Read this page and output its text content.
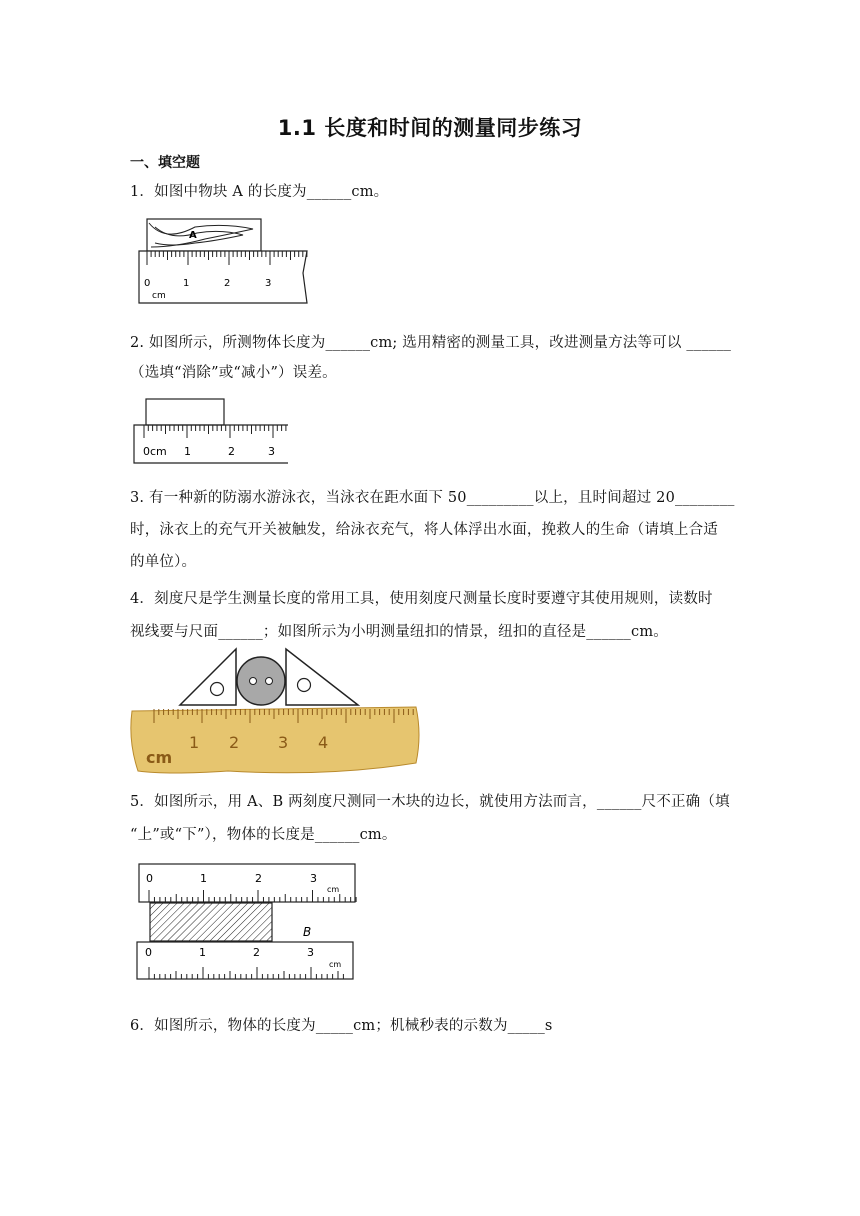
1.1 长度和时间的测量同步练习
一、填空题
1．如图中物块 A 的长度为______cm。
A
0	1	2	3
cm
2. 如图所示，所测物体长度为______cm; 选用精密的测量工具，改进测量方法等可以 ______
（选填“消除”或“减小”）误差。
0cm 1	2	3
3. 有一种新的防溺水游泳衣，当泳衣在距水面下 50_________以上，且时间超过 20________
时，泳衣上的充气开关被触发，给泳衣充气，将人体浮出水面，挽救人的生命（请填上合适
的单位）。
4．刻度尺是学生测量长度的常用工具，使用刻度尺测量长度时要遵守其使用规则，读数时
视线要与尺面______；如图所示为小明测量纽扣的情景，纽扣的直径是______cm。
1 2 3 4
cm
5．如图所示，用 A、B 两刻度尺测同一木块的边长，就使用方法而言，______尺不正确（填
“上”或“下”），物体的长度是______cm。
0	1	2	3
cm
B
0	1	2	3
cm
6．如图所示，物体的长度为_____cm；机械秒表的示数为_____s
